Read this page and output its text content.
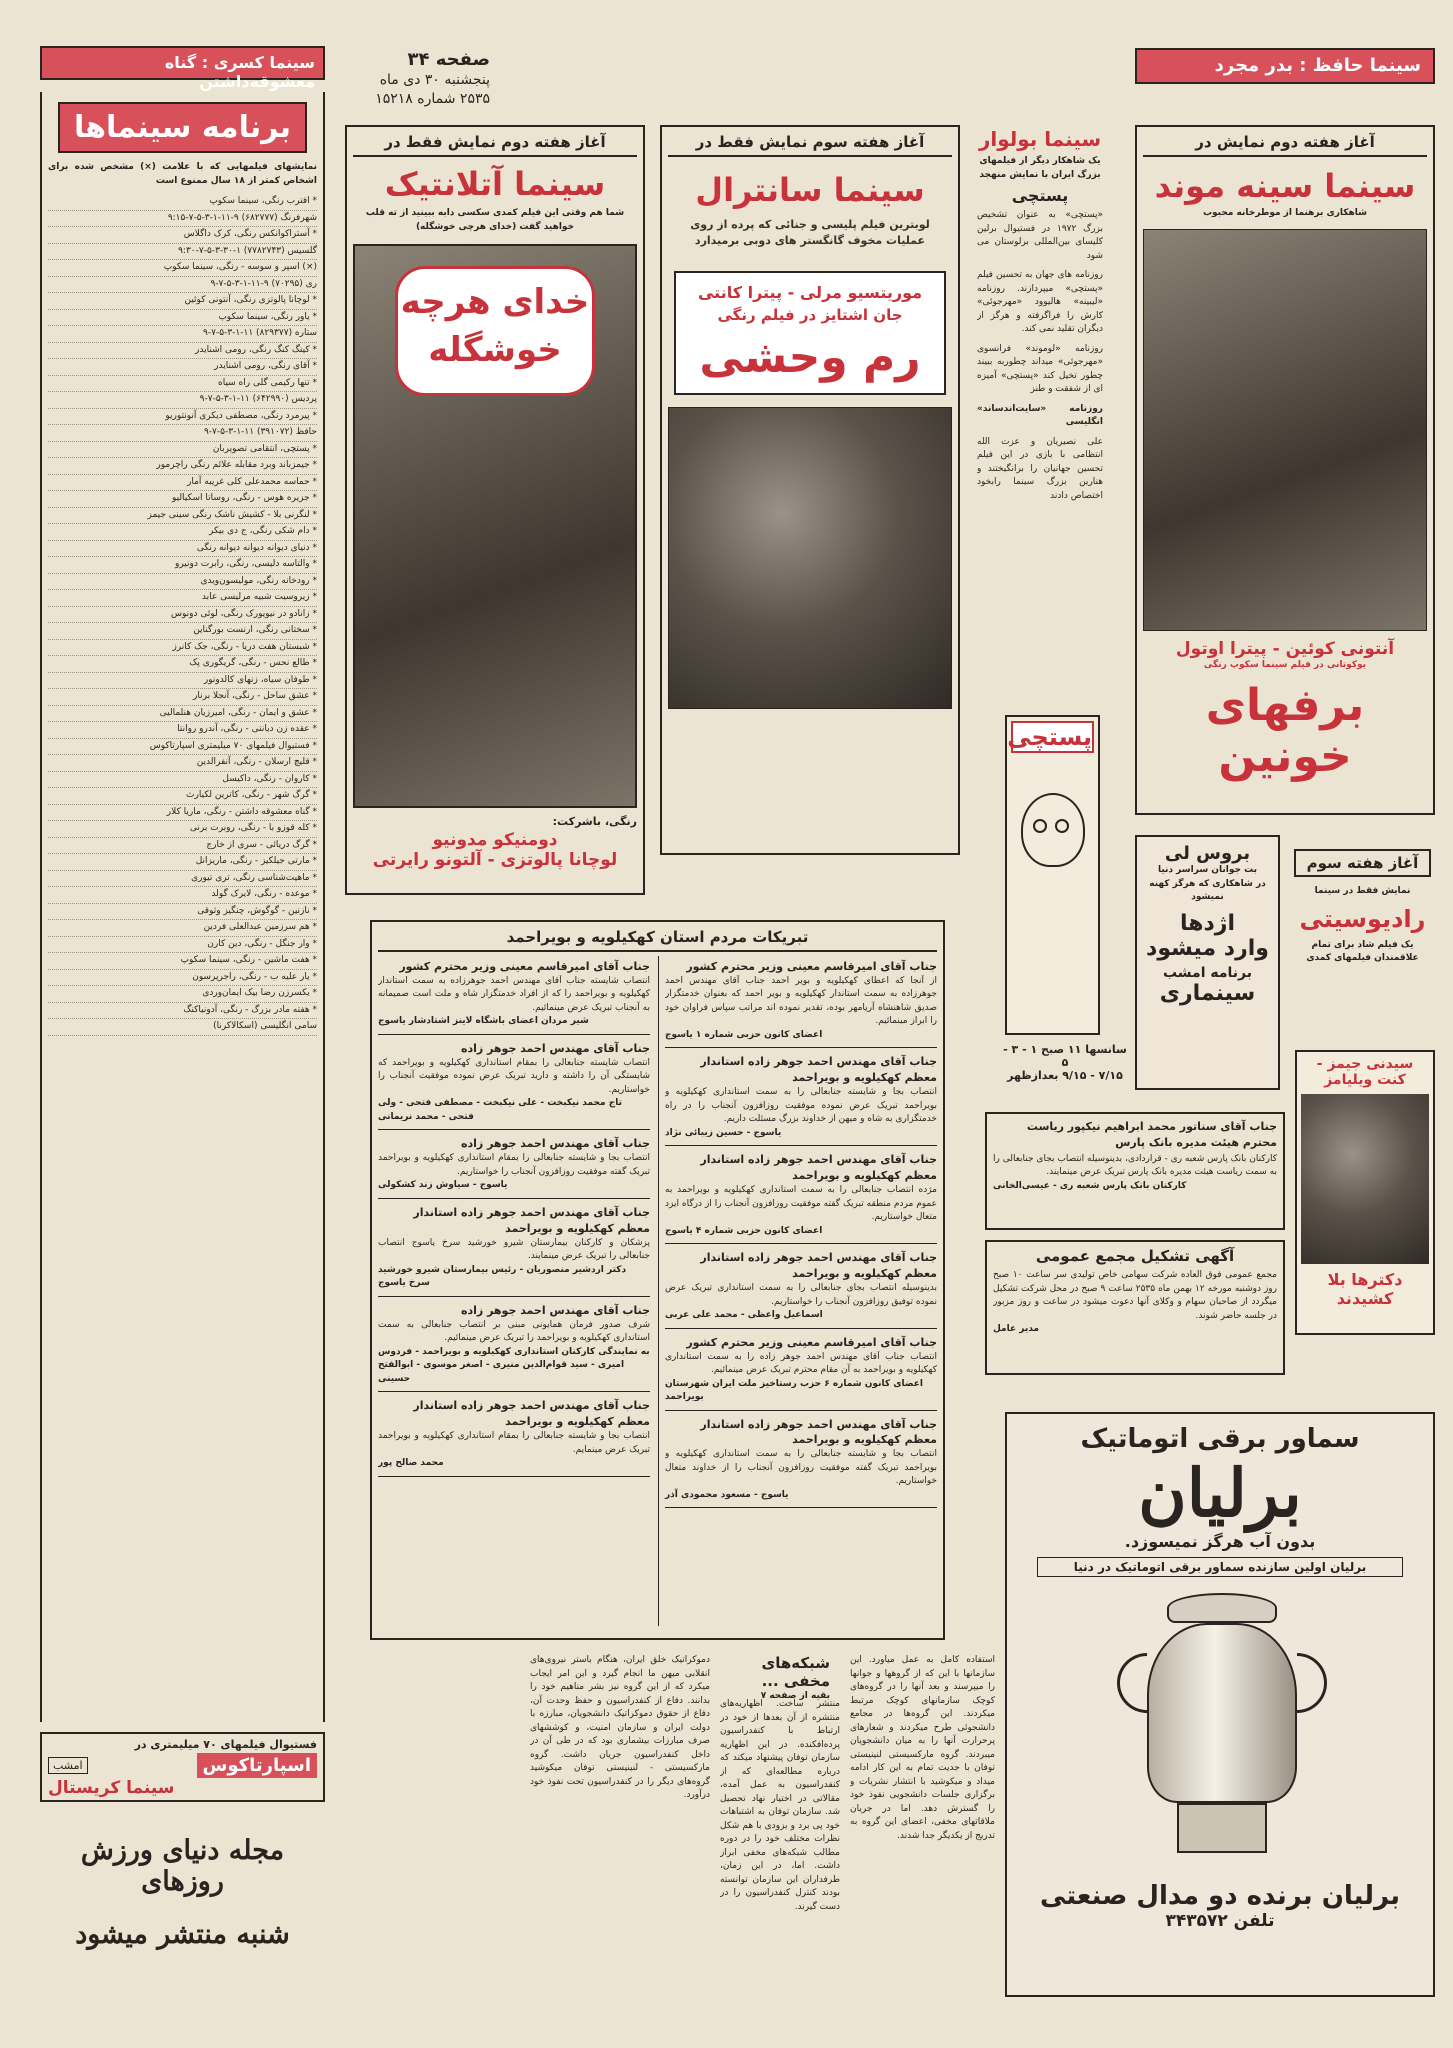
سینما حافظ : بدر مجرد
صفحه ۳۴
پنجشنبه ۳۰ دی ماه
۲۵۳۵ شماره ۱۵۲۱۸
سینما کسری : گناه معشوقه‌داشتن
برنامه سینماها
نمایشهای فیلمهایی که با علامت (×) مشخص شده برای اشخاص کمتر از ۱۸ سال ممنوع است
* افترب رنگی، سینما سکوپ
شهرفرنگ (۶۸۲۷۷۷) ۹-۱۱-۱-۳-۵-۷-۹:۱۵
* آستراکوانکس رنگی، کرک داگلاس
گلسیس (۷۷۸۲۷۴۳) ۱-۳۰-۳-۵-۷-۹:۳۰
(×) اسپر و سوسه - رنگی، سینما سکوپ
ری (۷۰۲۹۵) ۹-۱۱-۱-۳-۵-۷-۹
* لوچانا پالوتزی رنگی، آنتونی کوئین
* یاور رنگی، سینما سکوپ
ستاره (۸۲۹۳۷۷) ۱۱-۱-۳-۵-۷-۹
* کینگ کنگ رنگی، رومی اشنایدر
* آقای رنگی، رومی اشنایدر
* تنها رکیمی گلی راه سیاه
پردیس (۶۴۲۹۹۰) ۱۱-۱-۳-۵-۷-۹
* پیرمرد رنگی، مصطفی دیکری آنونتوریو
حافظ (۳۹۱۰۷۲) ۱۱-۱-۳-۵-۷-۹
* پستچی، انتقامی تصویربان
* جیمزباند وبرد مقابله علائم رنگی راچرمور
* حماسه محمدعلی کلی غریبه آمار
* جزیره هوس - رنگی، روساتا اسکیالیو
* لنگرنی بلا - کشیش ناشک رنگی سینی جیمز
* دام شکی رنگی، ج دی بیکر
* دنیای دیوانه دیوانه دیوانه رنگی
* والتاسه دلیسی، رنگی، رابرت دونیرو
* رودخانه رنگی، مولیسون‌ویدی
* زیروسیت شبیه مرلیسی عابد
* زانادو در نیویورک رنگی، لوئی دونوس
* سختانی رنگی، ارنست بورگناین
* شبستان هفت دریا - رنگی، جک کانرز
* طالع نحس - رنگی، گریگوری پک
* طوفان سیاه، زنهای کالدونور
* عشق ساحل - رنگی، آنجلا برنار
* عشق و ایمان - رنگی، امیرزیان هنلمالیی
* عقده زن دیانتی - رنگی، آندرو روانتا
* فستیوال فیلمهای ۷۰ میلیمتری اسپارتاکوس
* قلیچ ارسلان - رنگی، آنفرالدین
* کاروان - رنگی، داکیسل
* گرگ شهر - رنگی، کاترین لکیارث
* گناه معشوقه داشتن - رنگی، ماریا کلار
* کله قوزو با - رنگی، روبرت برنی
* گرگ دریائی - سری از خارج
* مارتی جیلکیز - رنگی، ماریزانل
* ماهیت‌شناسی رنگی، تری تیوری
* موعده - رنگی، لایرک گولد
* نازنین - گوگوش، چنگیز وثوقی
* هم سرزمین عبدالعلی فردین
* وار جنگل - رنگی، دین کارن
* هفت ماشین - رنگی، سینما سکوپ
* یار علیه ب - رنگی، راجرپرسون
* یکسرزن رضا بیک ایمان‌وردی
* هفته مادر بزرگ - رنگی، آدونیاکنگ
سامی انگلیسی (اسکالا‌کرنا)
فستیوال فیلمهای ۷۰ میلیمتری در
اسپارتاکوس
امشب
سینما کریستال
مجله دنیای ورزش روزهای
شنبه منتشر میشود
آغاز هفته دوم نمایش فقط در
سینما آتلانتیک
شما هم وقتی این فیلم کمدی سکسی دابه ببینید از ته قلب خواهید گفت (خدای هرچی خوشگله)
خدای هرچه
خوشگله
رنگی، باشرکت:
دومنیکو مدونیو
لوچانا پالوتزی - آلتونو رایرتی
آغاز هفته سوم نمایش فقط در
سینما سانترال
لوبترین فیلم پلیسی و جنائی که پرده از روی عملیات مخوف گانگستر های دوبی برمیدارد
موریتسیو مرلی - پیترا کانتی
جان اشتایز در فیلم رنگی
رم وحشی
سینما بولوار
یک شاهکار دیگر از فیلمهای بزرگ ایران با نمایش منهجد
پستچی
«پستچی» به عنوان تشخیص بزرگ ۱۹۷۲ در فستیوال برلین کلیسای بین‌المللی برلوستان می شود
روزنامه های جهان به تحسین فیلم «پستچی» میپردازند. روزنامه «لیبینه» هالیوود «مهرجوئی» کارش را فراگرفته و هرگز از دیگران تقلید نمی کند.
روزنامه «لوموند» فرانسوی «مهرجوئی» میداند چطوربه ببیند چطور تخیل کند «پستچی» آمیزه ای از شفقت و طنز
روزنامه «سایت‌اندساند» انگلیسی
علی نصیریان و عزت الله انتظامی با بازی در این فیلم تحسین جهانیان را برانگیختند و هنارین بزرگ سینما رابخود اختصاص دادند
پستچی
آغاز هفته دوم نمایش در
سینما سینه موند
شاهکاری برهنما از موطرخانه محبوب
آنتونی کوئین - پیترا اوتول
یوکوتانی در فیلم سینما سکوپ رنگی
برفهای خونین
بروس لی
بت جوانان سراسر دنیا
در شاهکاری که هرگز کهنه نمیشود
اژدها
وارد میشود
برنامه امشب
سینماری
سانسها ۱۱ صبح ۱ - ۳ - ۵
۷/۱۵ - ۹/۱۵ بعدازظهر
آغاز هفته سوم
نمایش فقط در سینما
رادیوسیتی
یک فیلم شاد برای تمام علاقمندان فیلمهای کمدی
سیدنی جیمز - کنت ویلیامز
دکترها بلا کشیدند
جناب آقای سناتور محمد ابراهیم نیکپور ریاست محترم هیئت مدیره بانک پارس
کارکنان بانک پارس شعبه ری - قراردادی، بدینوسیله انتصاب بجای جنابعالی را به سمت ریاست هیئت مدیره بانک پارس تبریک عرض مینمایند.
کارکنان بانک پارس شعبه ری - عیسی‌الخانی
آگهی تشکیل مجمع عمومی
مجمع عمومی فوق العاده شرکت سهامی خاص تولیدی سر ساعت ۱۰ صبح روز دوشنبه مورخه ۱۲ بهمن ماه ۲۵۳۵ ساعت ۹ صبح در محل شرکت تشکیل میگردد از صاحبان سهام و وکلای آنها دعوت میشود در ساعت و روز مزبور در جلسه حاضر شوند.
مدیر عامل
تبریکات مردم استان کهکیلویه و بویراحمد
جناب آقای امیرقاسم معینی وزیر محترم کشور
از آنجا که اعطای کهکیلویه و بویر احمد جناب آقای مهندس احمد جوهرزاده به سمت استاندار کهکیلویه و بویر احمد که بعنوان خدمتگزار صدیق شاهنشاه آریامهر بوده، تقدیر نموده اند مراتب سپاس فراوان خود را ابراز مینمائیم.
اعضای کانون حزبی شماره ۱ یاسوج
جناب آقای مهندس احمد جوهر زاده استاندار معظم کهکیلویه و بویراحمد
انتصاب بجا و شایسته جنابعالی را به سمت استانداری کهکیلویه و بویراحمد تبریک عرض نموده موفقیت روزافزون آنجناب را در راه خدمتگزاری به شاه و میهن از خداوند بزرگ مسئلت داریم.
یاسوج - حسین زیبائی نژاد
جناب آقای مهندس احمد جوهر زاده استاندار معظم کهکیلویه و بویراحمد
مژده انتصاب جنابعالی را به سمت استانداری کهکیلویه و بویراحمد به عموم مردم منطقه تبریک گفته موفقیت روزافزون آنجناب را از درگاه ایزد متعال خواستاریم.
اعضای کانون حزبی شماره ۴ یاسوج
جناب آقای مهندس احمد جوهر زاده استاندار معظم کهکیلویه و بویراحمد
بدینوسیله انتصاب بجای جنابعالی را به سمت استانداری تبریک عرض نموده توفیق روزافزون آنجناب را خواستاریم.
اسماعیل واعظی - محمد علی عربی
جناب آقای امیرقاسم معینی وزیر محترم کشور
انتصاب جناب آقای مهندس احمد جوهر زاده را به سمت استانداری کهکیلویه و بویراحمد به آن مقام محترم تبریک عرض مینمائیم.
اعضای کانون شماره ۶ حزب رستاخیز ملت ایران شهرستان بویراحمد
جناب آقای مهندس احمد جوهر زاده استاندار معظم کهکیلویه و بویراحمد
انتصاب بجا و شایسته جنابعالی را به سمت استانداری کهکیلویه و بویراحمد تبریک گفته موفقیت روزافزون آنجناب را از خداوند متعال خواستاریم.
یاسوج - مسعود محمودی آذر
جناب آقای امیرقاسم معینی وزیر محترم کشور
انتصاب شایسته جناب آقای مهندس احمد جوهرزاده به سمت استاندار کهکیلویه و بویراحمد را که از افراد خدمتگزار شاه و ملت است صمیمانه به آنجناب تبریک عرض مینمائیم.
شیر مردان اعضای باشگاه لاینز اشتادشار یاسوج
جناب آقای مهندس احمد جوهر زاده
انتصاب شایسته جنابعالی را بمقام استانداری کهکیلویه و بویراحمد که شایستگی آن را داشته و دارید تبریک عرض نموده موفقیت آنجناب را خواستاریم.
تاج محمد نیکبخت - علی نیکبخت - مصطفی فتحی - ولی فتحی - محمد نریمانی
جناب آقای مهندس احمد جوهر زاده
انتصاب بجا و شایسته جنابعالی را بمقام استانداری کهکیلویه و بویراحمد تبریک گفته موفقیت روزافزون آنجناب را خواستاریم.
یاسوج - سیاوش زند کشکولی
جناب آقای مهندس احمد جوهر زاده استاندار معظم کهکیلویه و بویراحمد
پزشکان و کارکنان بیمارستان شیرو خورشید سرخ یاسوج انتصاب جنابعالی را تبریک عرض مینمایند.
دکتر اردشیر منصوریان - رئیس بیمارستان شیرو خورشید سرخ یاسوج
جناب آقای مهندس احمد جوهر زاده
شرف صدور فرمان همایونی مبنی بر انتصاب جنابعالی به سمت استانداری کهکیلویه و بویراحمد را تبریک عرض مینمائیم.
به نمایندگی کارکنان استانداری کهکیلویه و بویراحمد - فردوس امیری - سید قوام‌الدین منیری - اصغر موسوی - ابوالفتح حسینی
جناب آقای مهندس احمد جوهر زاده استاندار معظم کهکیلویه و بویراحمد
انتصاب بجا و شایسته جنابعالی را بمقام استانداری کهکیلویه و بویراحمد تبریک عرض مینمایم.
محمد صالح پور
سماور برقی اتوماتیک
برلیان
بدون آب هرگز نمیسوزد.
برلیان اولین سازنده سماور برقی اتوماتیک در دنیا
برلیان برنده دو مدال صنعتی
تلفن ۳۴۳۵۷۲
شبکه‌های مخفی ...
بقیه از صفحه ۷
منتشر ساخت. اظهاریه‌های منتشره از آن بعدها از خود در ارتباط با کنفدراسیون پرده‌افکنده. در این اظهاریه سازمان توفان پیشنهاد میکند که درباره مطالعه‌ای که از کنفدراسیون به عمل آمده، مقالاتی در اختیار نهاد تحصیل شد. سازمان توفان به اشتباهات خود پی برد و بزودی با هم شکل نظرات مختلف خود را در دوره مطالب شبکه‌های مخفی ابراز داشت. اما، در این زمان، طرفداران این سازمان توانسته بودند کنترل کنفدراسیون را در دست گیرند.
دموکراتیک خلق ایران، هنگام باستر نیروی‌های انقلابی میهن ما انجام گیرد و این امر ایجاب میکرد که از این گروه نیز بشر مناهیم خود را بدانند. دفاع از کنفدراسیون و حفظ وحدت آن، دفاع از حقوق دموکراتیک دانشجویان، مبارزه با دولت ایران و سازمان امنیت، و کوششهای صرف مبارزات بیشماری بود که در طی آن در داخل کنفدراسیون جریان داشت. گروه مارکسیستی - لنینیستی توفان میکوشید گروه‌های دیگر را در کنفدراسیون تحت نفوذ خود درآورد.
استفاده کامل به عمل میاورد. این سازمانها با این که از گروهها و جوانها را میپرسند و بعد آنها را در گروه‌های کوچک سازمانهای کوچک مرتبط میکردند. این گروه‌ها در مجامع دانشجوئی طرح میکردند و شعار‌های پرحرارت آنها را به میان دانشجویان میبردند. گروه مارکسیستی لنینیستی توفان با جدیت تمام به این کار ادامه میداد و میکوشید با انتشار نشریات و برگزاری جلسات دانشجویی نفوذ خود را گسترش دهد. اما در جریان ملاقاتهای مخفی، اعضای این گروه به تدریج از یکدیگر جدا شدند.
